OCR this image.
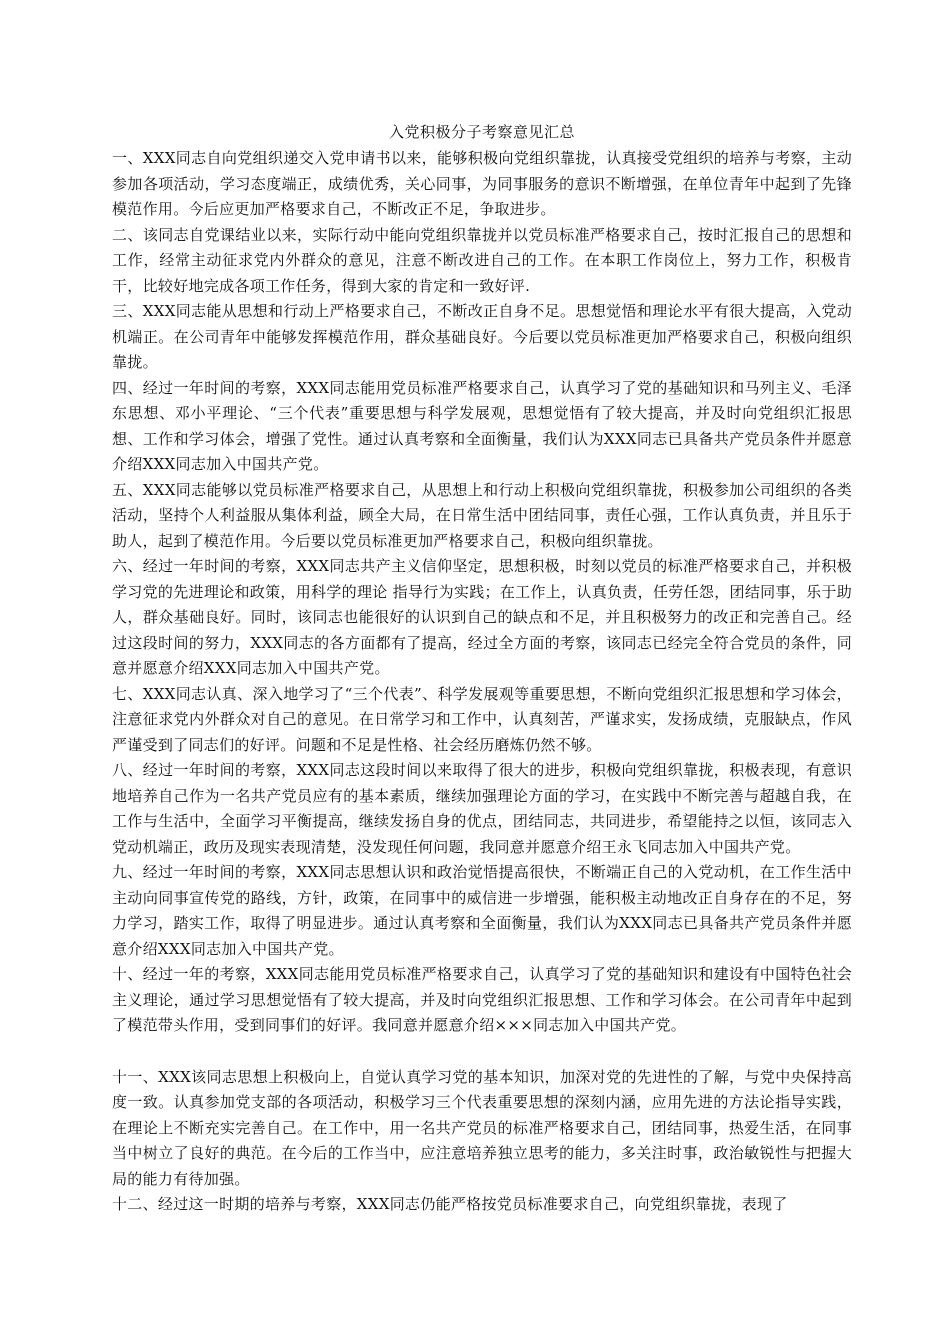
入党积极分子考察意见汇总

一、XXX同志自向党组织递交入党申请书以来，能够积极向党组织靠拢，认真接受党组织的培养与考察，主动参加各项活动，学习态度端正，成绩优秀，关心同事，为同事服务的意识不断增强，在单位青年中起到了先锋模范作用。今后应更加严格要求自己，不断改正不足，争取进步。

二、该同志自党课结业以来，实际行动中能向党组织靠拢并以党员标准严格要求自己，按时汇报自己的思想和工作，经常主动征求党内外群众的意见，注意不断改进自己的工作。在本职工作岗位上，努力工作，积极肯干，比较好地完成各项工作任务，得到大家的肯定和一致好评.

三、XXX同志能从思想和行动上严格要求自己，不断改正自身不足。思想觉悟和理论水平有很大提高，入党动机端正。在公司青年中能够发挥模范作用，群众基础良好。今后要以党员标准更加严格要求自己，积极向组织靠拢。

四、经过一年时间的考察，XXX同志能用党员标准严格要求自己，认真学习了党的基础知识和马列主义、毛泽东思想、邓小平理论、“三个代表”重要思想与科学发展观，思想觉悟有了较大提高，并及时向党组织汇报思想、工作和学习体会，增强了党性。通过认真考察和全面衡量，我们认为XXX同志已具备共产党员条件并愿意介绍XXX同志加入中国共产党。

五、XXX同志能够以党员标准严格要求自己，从思想上和行动上积极向党组织靠拢，积极参加公司组织的各类活动，坚持个人利益服从集体利益，顾全大局，在日常生活中团结同事，责任心强，工作认真负责，并且乐于助人，起到了模范作用。今后要以党员标准更加严格要求自己，积极向组织靠拢。

六、经过一年时间的考察，XXX同志共产主义信仰坚定，思想积极，时刻以党员的标准严格要求自己，并积极学习党的先进理论和政策，用科学的理论 指导行为实践；在工作上，认真负责，任劳任怨，团结同事，乐于助人，群众基础良好。同时，该同志也能很好的认识到自己的缺点和不足，并且积极努力的改正和完善自己。经过这段时间的努力，XXX同志的各方面都有了提高，经过全方面的考察，该同志已经完全符合党员的条件，同意并愿意介绍XXX同志加入中国共产党。

七、XXX同志认真、深入地学习了“三个代表”、科学发展观等重要思想，不断向党组织汇报思想和学习体会，注意征求党内外群众对自己的意见。在日常学习和工作中，认真刻苦，严谨求实，发扬成绩，克服缺点，作风严谨受到了同志们的好评。问题和不足是性格、社会经历磨炼仍然不够。

八、经过一年时间的考察，XXX同志这段时间以来取得了很大的进步，积极向党组织靠拢，积极表现，有意识地培养自己作为一名共产党员应有的基本素质，继续加强理论方面的学习，在实践中不断完善与超越自我，在工作与生活中，全面学习平衡提高，继续发扬自身的优点，团结同志，共同进步，希望能持之以恒，该同志入党动机端正，政历及现实表现清楚，没发现任何问题，我同意并愿意介绍王永飞同志加入中国共产党。

九、经过一年时间的考察，XXX同志思想认识和政治觉悟提高很快，不断端正自己的入党动机，在工作生活中主动向同事宣传党的路线，方针，政策，在同事中的威信进一步增强，能积极主动地改正自身存在的不足，努力学习，踏实工作，取得了明显进步。通过认真考察和全面衡量，我们认为XXX同志已具备共产党员条件并愿意介绍XXX同志加入中国共产党。

十、经过一年的考察，XXX同志能用党员标准严格要求自己，认真学习了党的基础知识和建设有中国特色社会主义理论，通过学习思想觉悟有了较大提高，并及时向党组织汇报思想、工作和学习体会。在公司青年中起到了模范带头作用，受到同事们的好评。我同意并愿意介绍×××同志加入中国共产党。

十一、XXX该同志思想上积极向上，自觉认真学习党的基本知识，加深对党的先进性的了解，与党中央保持高度一致。认真参加党支部的各项活动，积极学习三个代表重要思想的深刻内涵，应用先进的方法论指导实践，在理论上不断充实完善自己。在工作中，用一名共产党员的标准严格要求自己，团结同事，热爱生活，在同事当中树立了良好的典范。在今后的工作当中，应注意培养独立思考的能力，多关注时事，政治敏锐性与把握大局的能力有待加强。

十二、经过这一时期的培养与考察，XXX同志仍能严格按党员标准要求自己，向党组织靠拢，表现了
